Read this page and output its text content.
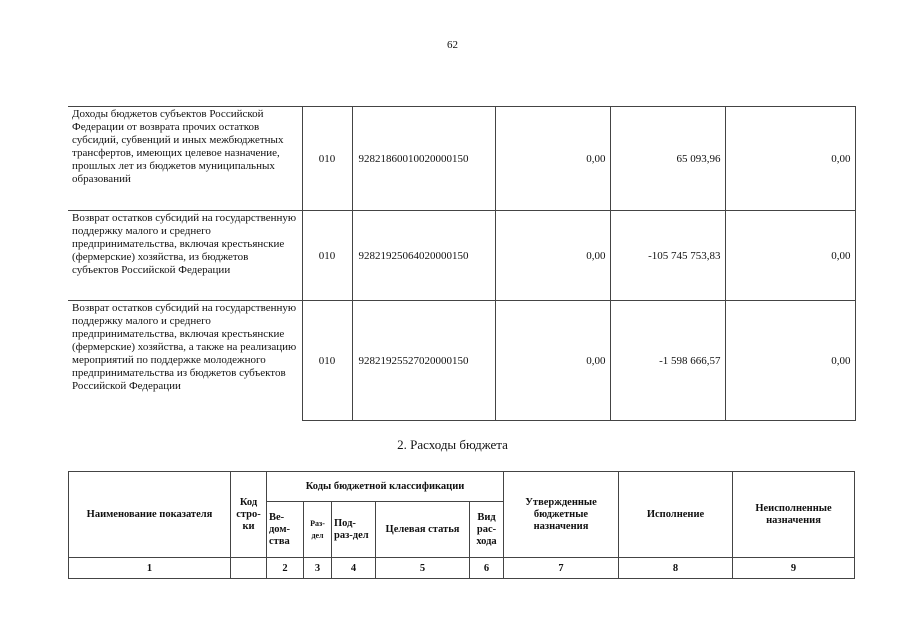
62
Доходы бюджетов субъектов Российской Федерации от возврата прочих остатков субсидий, субвенций и иных межбюджетных трансфертов, имеющих целевое назначение, прошлых лет из бюджетов муниципальных образований	010	92821860010020000150	0,00	65 093,96	0,00
Возврат остатков субсидий на государственную поддержку малого и среднего предпринимательства, включая крестьянские (фермерские) хозяйства, из бюджетов субъектов Российской Федерации	010	92821925064020000150	0,00	-105 745 753,83	0,00
Возврат остатков субсидий на государственную поддержку малого и среднего предпринимательства, включая крестьянские (фермерские) хозяйства, а также на реализацию мероприятий по поддержке молодежного предпринимательства из бюджетов субъектов Российской Федерации	010	92821925527020000150	0,00	-1 598 666,57	0,00
2. Расходы бюджета
Наименование показателя	Код стро-ки	Коды бюджетной классификации					Утвержденные бюджетные назначения	Исполнение	Неисполненные назначения
		Ве-дом-ства	Раз-дел	Под-раз-дел	Целевая статья	Вид рас-хода			
1		2	3	4	5	6	7	8	9
